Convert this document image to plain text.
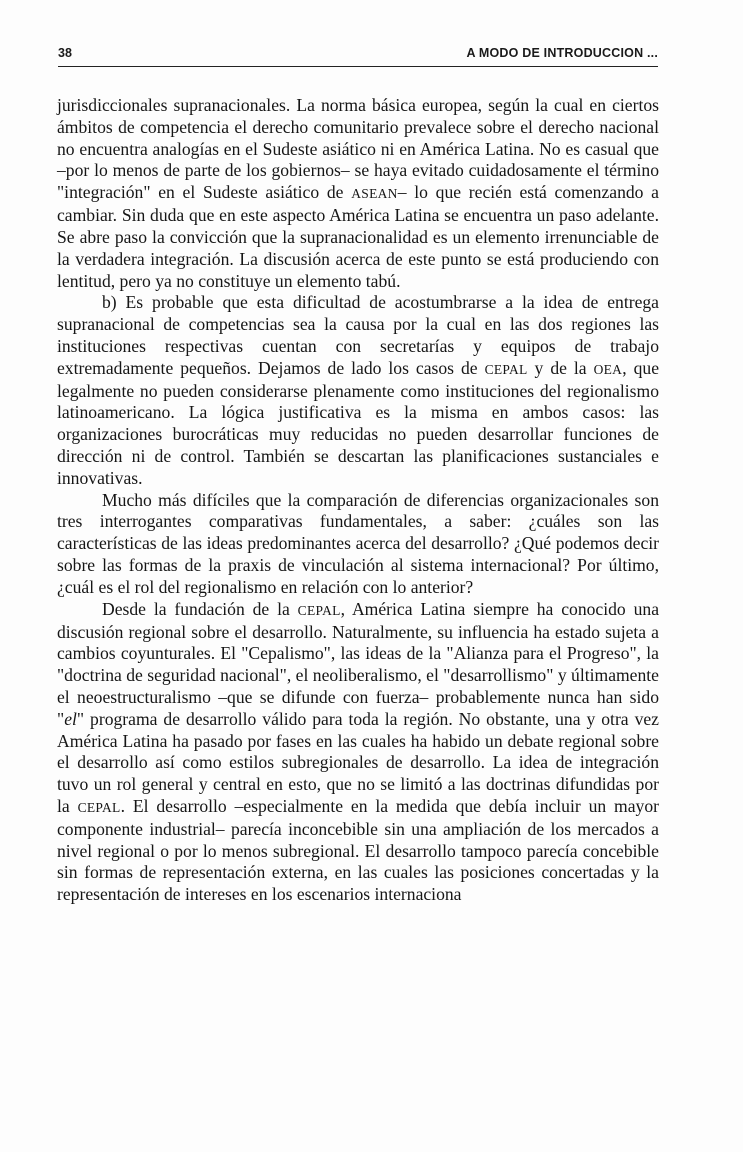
38	A MODO DE INTRODUCCION ...

jurisdiccionales supranacionales. La norma básica europea, según la cual en ciertos ámbitos de competencia el derecho comunitario prevalece sobre el derecho nacional no encuentra analogías en el Sudeste asiático ni en América Latina. No es casual que –por lo menos de parte de los gobiernos– se haya evitado cuidadosamente el término "integración" en el Sudeste asiático de ASEAN– lo que recién está comenzando a cambiar. Sin duda que en este aspecto América Latina se encuentra un paso adelante. Se abre paso la convicción que la supranacionalidad es un elemento irrenunciable de la verdadera integración. La discusión acerca de este punto se está produciendo con lentitud, pero ya no constituye un elemento tabú.

b) Es probable que esta dificultad de acostumbrarse a la idea de entrega supranacional de competencias sea la causa por la cual en las dos regiones las instituciones respectivas cuentan con secretarías y equipos de trabajo extremadamente pequeños. Dejamos de lado los casos de CEPAL y de la OEA, que legalmente no pueden considerarse plenamente como instituciones del regionalismo latinoamericano. La lógica justificativa es la misma en ambos casos: las organizaciones burocráticas muy reducidas no pueden desarrollar funciones de dirección ni de control. También se descartan las planificaciones sustanciales e innovativas.

Mucho más difíciles que la comparación de diferencias organizacionales son tres interrogantes comparativas fundamentales, a saber: ¿cuáles son las características de las ideas predominantes acerca del desarrollo? ¿Qué podemos decir sobre las formas de la praxis de vinculación al sistema internacional? Por último, ¿cuál es el rol del regionalismo en relación con lo anterior?

Desde la fundación de la CEPAL, América Latina siempre ha conocido una discusión regional sobre el desarrollo. Naturalmente, su influencia ha estado sujeta a cambios coyunturales. El "Cepalismo", las ideas de la "Alianza para el Progreso", la "doctrina de seguridad nacional", el neoliberalismo, el "desarrollismo" y últimamente el neoestructuralismo –que se difunde con fuerza– probablemente nunca han sido "el" programa de desarrollo válido para toda la región. No obstante, una y otra vez América Latina ha pasado por fases en las cuales ha habido un debate regional sobre el desarrollo así como estilos subregionales de desarrollo. La idea de integración tuvo un rol general y central en esto, que no se limitó a las doctrinas difundidas por la CEPAL. El desarrollo –especialmente en la medida que debía incluir un mayor componente industrial– parecía inconcebible sin una ampliación de los mercados a nivel regional o por lo menos subregional. El desarrollo tampoco parecía concebible sin formas de representación externa, en las cuales las posiciones concertadas y la representación de intereses en los escenarios internaciona
